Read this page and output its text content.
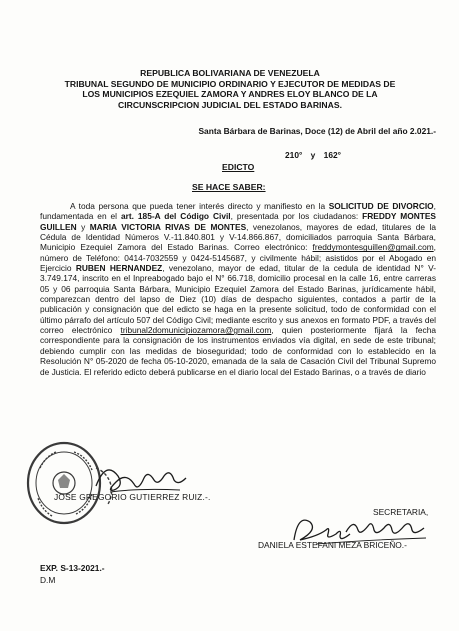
REPUBLICA BOLIVARIANA DE VENEZUELA
TRIBUNAL SEGUNDO DE MUNICIPIO ORDINARIO Y EJECUTOR DE MEDIDAS DE
LOS MUNICIPIOS EZEQUIEL ZAMORA Y ANDRES ELOY BLANCO DE LA
CIRCUNSCRIPCION JUDICIAL DEL ESTADO BARINAS.
Santa Bárbara de Barinas, Doce (12) de Abril del año 2.021.-
210° y 162°
EDICTO
SE HACE SABER:
A toda persona que pueda tener interés directo y manifiesto en la SOLICITUD DE DIVORCIO, fundamentada en el art. 185-A del Código Civil, presentada por los ciudadanos: FREDDY MONTES GUILLEN y MARIA VICTORIA RIVAS DE MONTES, venezolanos, mayores de edad, titulares de la Cédula de Identidad Números V.-11.840.801 y V-14.866.867, domiciliados parroquia Santa Bárbara, Municipio Ezequiel Zamora del Estado Barinas. Correo electrónico: freddymontesguillen@gmail.com, número de Teléfono: 0414-7032559 y 0424-5145687, y civilmente hábil; asistidos por el Abogado en Ejercicio RUBEN HERNANDEZ, venezolano, mayor de edad, titular de la cedula de identidad N° V-3.749.174, inscrito en el Inpreabogado bajo el N° 66.718, domicilio procesal en la calle 16, entre carreras 05 y 06 parroquia Santa Bárbara, Municipio Ezequiel Zamora del Estado Barinas, jurídicamente hábil, comparezcan dentro del lapso de Diez (10) días de despacho siguientes, contados a partir de la publicación y consignación que del edicto se haga en la presente solicitud, todo de conformidad con el último párrafo del artículo 507 del Código Civil; mediante escrito y sus anexos en formato PDF, a través del correo electrónico tribunal2domunicipiozamora@gmail.com, quien posteriormente fijará la fecha correspondiente para la consignación de los instrumentos enviados vía digital, en sede de este tribunal; debiendo cumplir con las medidas de bioseguridad; todo de conformidad con lo establecido en la Resolución N° 05-2020 de fecha 05-10-2020, emanada de la sala de Casación Civil del Tribunal Supremo de Justicia. El referido edicto deberá publicarse en el diario local del Estado Barinas, o a través de diario
JOSE GREGORIO GUTIERREZ RUIZ.-.
SECRETARIA,
DANIELA ESTEFANI MEZA BRICEÑO.-
EXP. S-13-2021.-
D.M
